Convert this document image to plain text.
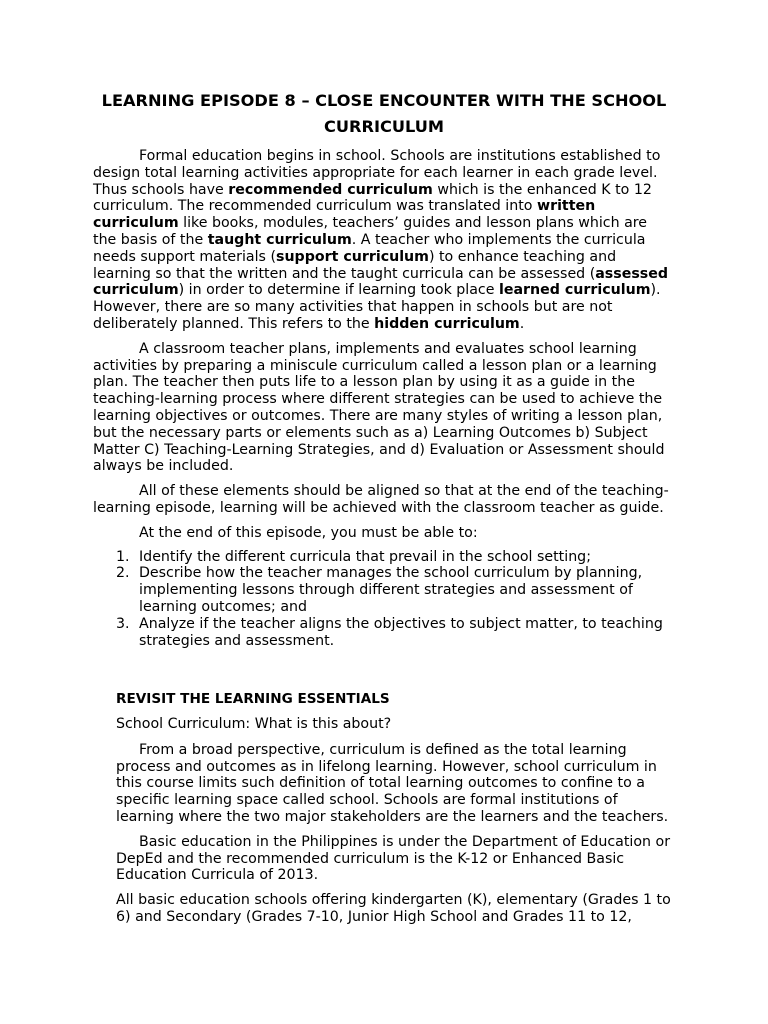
LEARNING EPISODE 8 – CLOSE ENCOUNTER WITH THE SCHOOL
CURRICULUM

Formal education begins in school. Schools are institutions established to design total learning activities appropriate for each learner in each grade level. Thus schools have recommended curriculum which is the enhanced K to 12 curriculum. The recommended curriculum was translated into written curriculum like books, modules, teachers’ guides and lesson plans which are the basis of the taught curriculum. A teacher who implements the curricula needs support materials (support curriculum) to enhance teaching and learning so that the written and the taught curricula can be assessed (assessed curriculum) in order to determine if learning took place learned curriculum). However, there are so many activities that happen in schools but are not deliberately planned. This refers to the hidden curriculum.

A classroom teacher plans, implements and evaluates school learning activities by preparing a miniscule curriculum called a lesson plan or a learning plan. The teacher then puts life to a lesson plan by using it as a guide in the teaching-learning process where different strategies can be used to achieve the learning objectives or outcomes. There are many styles of writing a lesson plan, but the necessary parts or elements such as a) Learning Outcomes b) Subject Matter C) Teaching-Learning Strategies, and d) Evaluation or Assessment should always be included.

All of these elements should be aligned so that at the end of the teaching-learning episode, learning will be achieved with the classroom teacher as guide.

At the end of this episode, you must be able to:

1. Identify the different curricula that prevail in the school setting;
2. Describe how the teacher manages the school curriculum by planning, implementing lessons through different strategies and assessment of learning outcomes; and
3. Analyze if the teacher aligns the objectives to subject matter, to teaching strategies and assessment.

REVISIT THE LEARNING ESSENTIALS

School Curriculum: What is this about?

From a broad perspective, curriculum is defined as the total learning process and outcomes as in lifelong learning. However, school curriculum in this course limits such definition of total learning outcomes to confine to a specific learning space called school. Schools are formal institutions of learning where the two major stakeholders are the learners and the teachers.

Basic education in the Philippines is under the Department of Education or DepEd and the recommended curriculum is the K-12 or Enhanced Basic Education Curricula of 2013.

All basic education schools offering kindergarten (K), elementary (Grades 1 to 6) and Secondary (Grades 7-10, Junior High School and Grades 11 to 12,
